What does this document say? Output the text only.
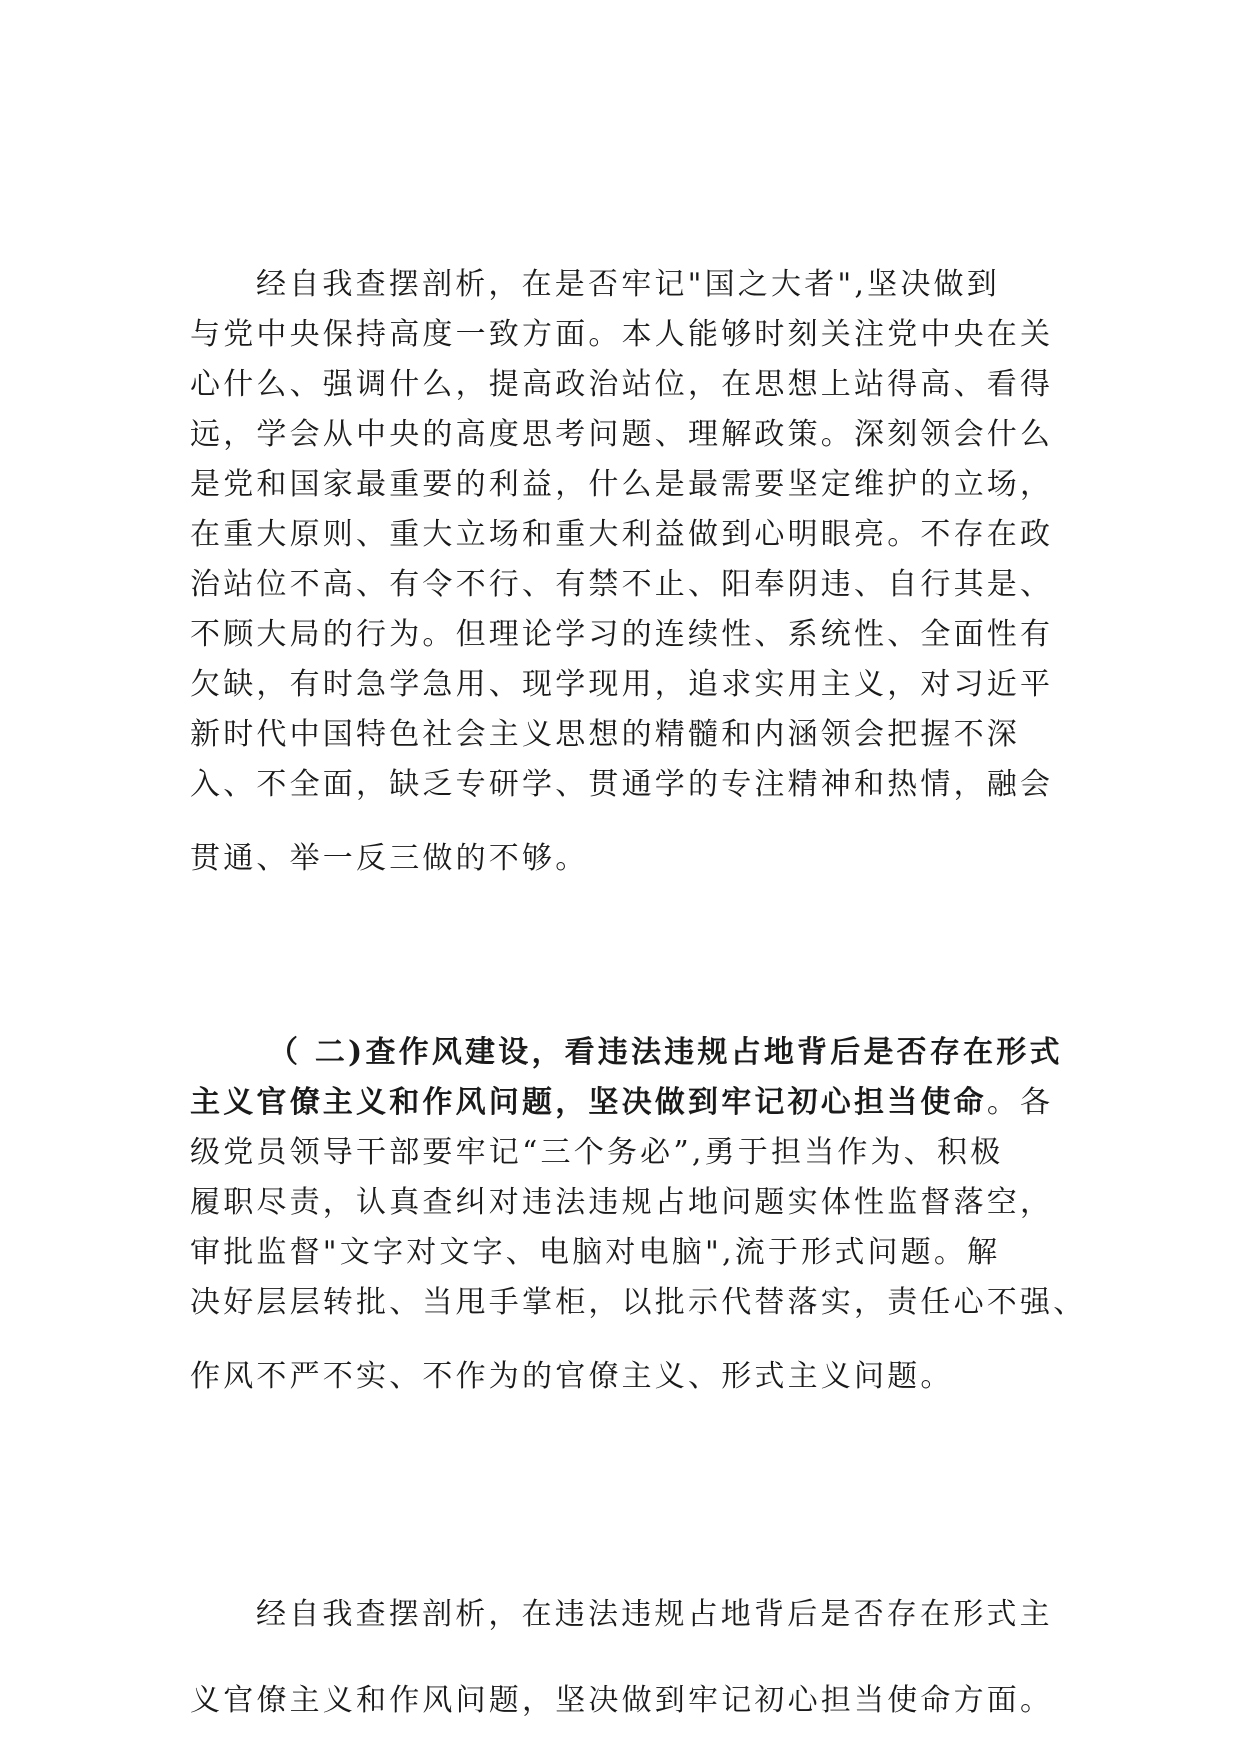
经自我查摆剖析，在是否牢记"国之大者",坚决做到
与党中央保持高度一致方面。本人能够时刻关注党中央在关
心什么、强调什么，提高政治站位，在思想上站得高、看得
远，学会从中央的高度思考问题、理解政策。深刻领会什么
是党和国家最重要的利益，什么是最需要坚定维护的立场，
在重大原则、重大立场和重大利益做到心明眼亮。不存在政
治站位不高、有令不行、有禁不止、阳奉阴违、自行其是、
不顾大局的行为。但理论学习的连续性、系统性、全面性有
欠缺，有时急学急用、现学现用，追求实用主义，对习近平
新时代中国特色社会主义思想的精髓和内涵领会把握不深
入、不全面，缺乏专研学、贯通学的专注精神和热情，融会
贯通、举一反三做的不够。
（ 二)查作风建设，看违法违规占地背后是否存在形式
主义官僚主义和作风问题，坚决做到牢记初心担当使命。各
级党员领导干部要牢记“三个务必”,勇于担当作为、积极
履职尽责，认真查纠对违法违规占地问题实体性监督落空，
审批监督"文字对文字、电脑对电脑",流于形式问题。解
决好层层转批、当甩手掌柜，以批示代替落实，责任心不强、
作风不严不实、不作为的官僚主义、形式主义问题。
经自我查摆剖析，在违法违规占地背后是否存在形式主
义官僚主义和作风问题，坚决做到牢记初心担当使命方面。
